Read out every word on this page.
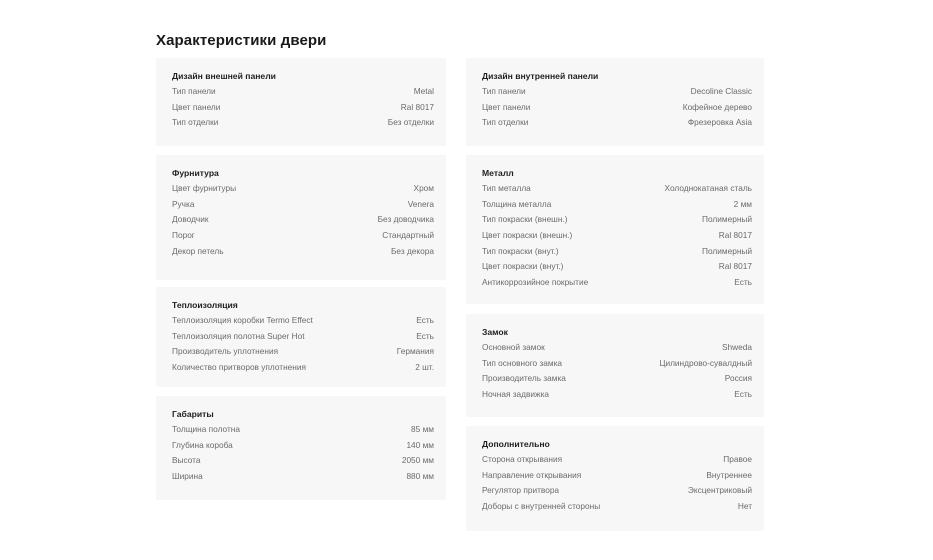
Характеристики двери
Дизайн внешней панели
Тип панели	Metal
Цвет панели	Ral 8017
Тип отделки	Без отделки
Фурнитура
Цвет фурнитуры	Хром
Ручка	Venera
Доводчик	Без доводчика
Порог	Стандартный
Декор петель	Без декора
Теплоизоляция
Теплоизоляция коробки Termo Effect	Есть
Теплоизоляция полотна Super Hot	Есть
Производитель уплотнения	Германия
Количество притворов уплотнения	2 шт.
Габариты
Толщина полотна	85 мм
Глубина короба	140 мм
Высота	2050 мм
Ширина	880 мм
Дизайн внутренней панели
Тип панели	Decoline Classic
Цвет панели	Кофейное дерево
Тип отделки	Фрезеровка Asia
Металл
Тип металла	Холоднокатаная сталь
Толщина металла	2 мм
Тип покраски (внешн.)	Полимерный
Цвет покраски (внешн.)	Ral 8017
Тип покраски (внут.)	Полимерный
Цвет покраски (внут.)	Ral 8017
Антикоррозийное покрытие	Есть
Замок
Основной замок	Shweda
Тип основного замка	Цилиндрово-сувалдный
Производитель замка	Россия
Ночная задвижка	Есть
Дополнительно
Сторона открывания	Правое
Направление открывания	Внутреннее
Регулятор притвора	Эксцентриковый
Доборы с внутренней стороны	Нет
